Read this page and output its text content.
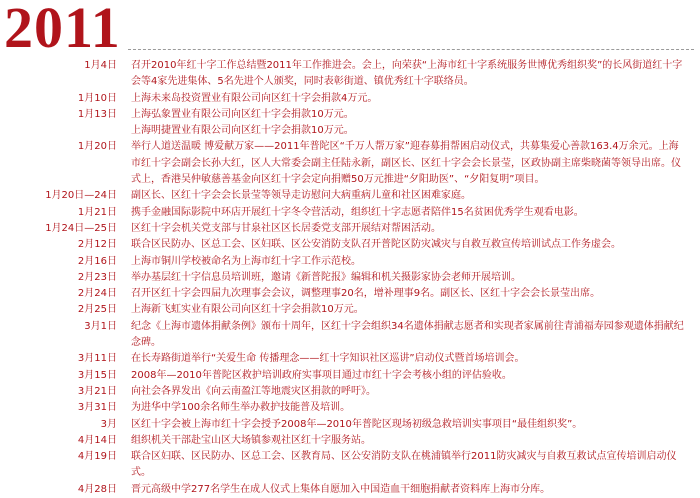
2011
1月4日	召开2010年红十字工作总结暨2011年工作推进会。会上，向荣获“上海市红十字系统服务世博优秀组织奖”的长风街道红十字会等4家先进集体、5名先进个人颁奖，同时表彰街道、镇优秀红十字联络员。
1月10日	上海未来岛投资置业有限公司向区红十字会捐款4万元。
1月13日	上海弘象置业有限公司向区红十字会捐款10万元。
上海明捷置业有限公司向区红十字会捐款10万元。
1月20日	举行人道送温暖 博爱献万家——2011年普陀区“千万人帮万家”迎春募捐帮困启动仪式，共募集爱心善款163.4万余元。上海市红十字会副会长孙大红，区人大常委会副主任陆永新，副区长、区红十字会会长景莹，区政协副主席柴晓菌等领导出席。仪式上，香港吴仲敏慈善基金向区红十字会定向捐赠50万元推进“夕阳助医”、“夕阳复明”项目。
1月20日—24日	副区长、区红十字会会长景莹等领导走访慰问大病重病儿童和社区困难家庭。
1月21日	携手金融国际影院中环店开展红十字冬令营活动，组织红十字志愿者陪伴15名贫困优秀学生观看电影。
1月24日—25日	区红十字会机关党支部与甘泉社区区长居委党支部开展结对帮困活动。
2月12日	联合区民防办、区总工会、区妇联、区公安消防支队召开普陀区防灾减灾与自救互救宣传培训试点工作务虚会。
2月16日	上海市铜川学校被命名为上海市红十字工作示范校。
2月23日	举办基层红十字信息员培训班，邀请《新普陀报》编辑和机关摄影家协会老师开展培训。
2月24日	召开区红十字会四届九次理事会会议，调整理事20名，增补理事9名。副区长、区红十字会会长景莹出席。
2月25日	上海新飞虹实业有限公司向区红十字会捐款10万元。
3月1日	纪念《上海市遗体捐献条例》颁布十周年，区红十字会组织34名遗体捐献志愿者和实现者家属前往青浦福寿园参观遗体捐献纪念碑。
3月11日	在长寿路街道举行“关爱生命 传播理念——红十字知识社区巡讲”启动仪式暨首场培训会。
3月15日	2008年—2010年普陀区救护培训政府实事项目通过市红十字会考核小组的评估验收。
3月21日	向社会各界发出《向云南盈江等地震灾区捐款的呼吁》。
3月31日	为进华中学100余名师生举办救护技能普及培训。
3月	区红十字会被上海市红十字会授予2008年—2010年普陀区现场初级急救培训实事项目“最佳组织奖”。
4月14日	组织机关干部赴宝山区大场镇参观社区红十字服务站。
4月19日	联合区妇联、区民防办、区总工会、区教育局、区公安消防支队在桃浦镇举行2011防灾减灾与自救互救试点宣传培训启动仪式。
4月28日	晋元高级中学277名学生在成人仪式上集体自愿加入中国造血干细胞捐献者资料库上海市分库。
